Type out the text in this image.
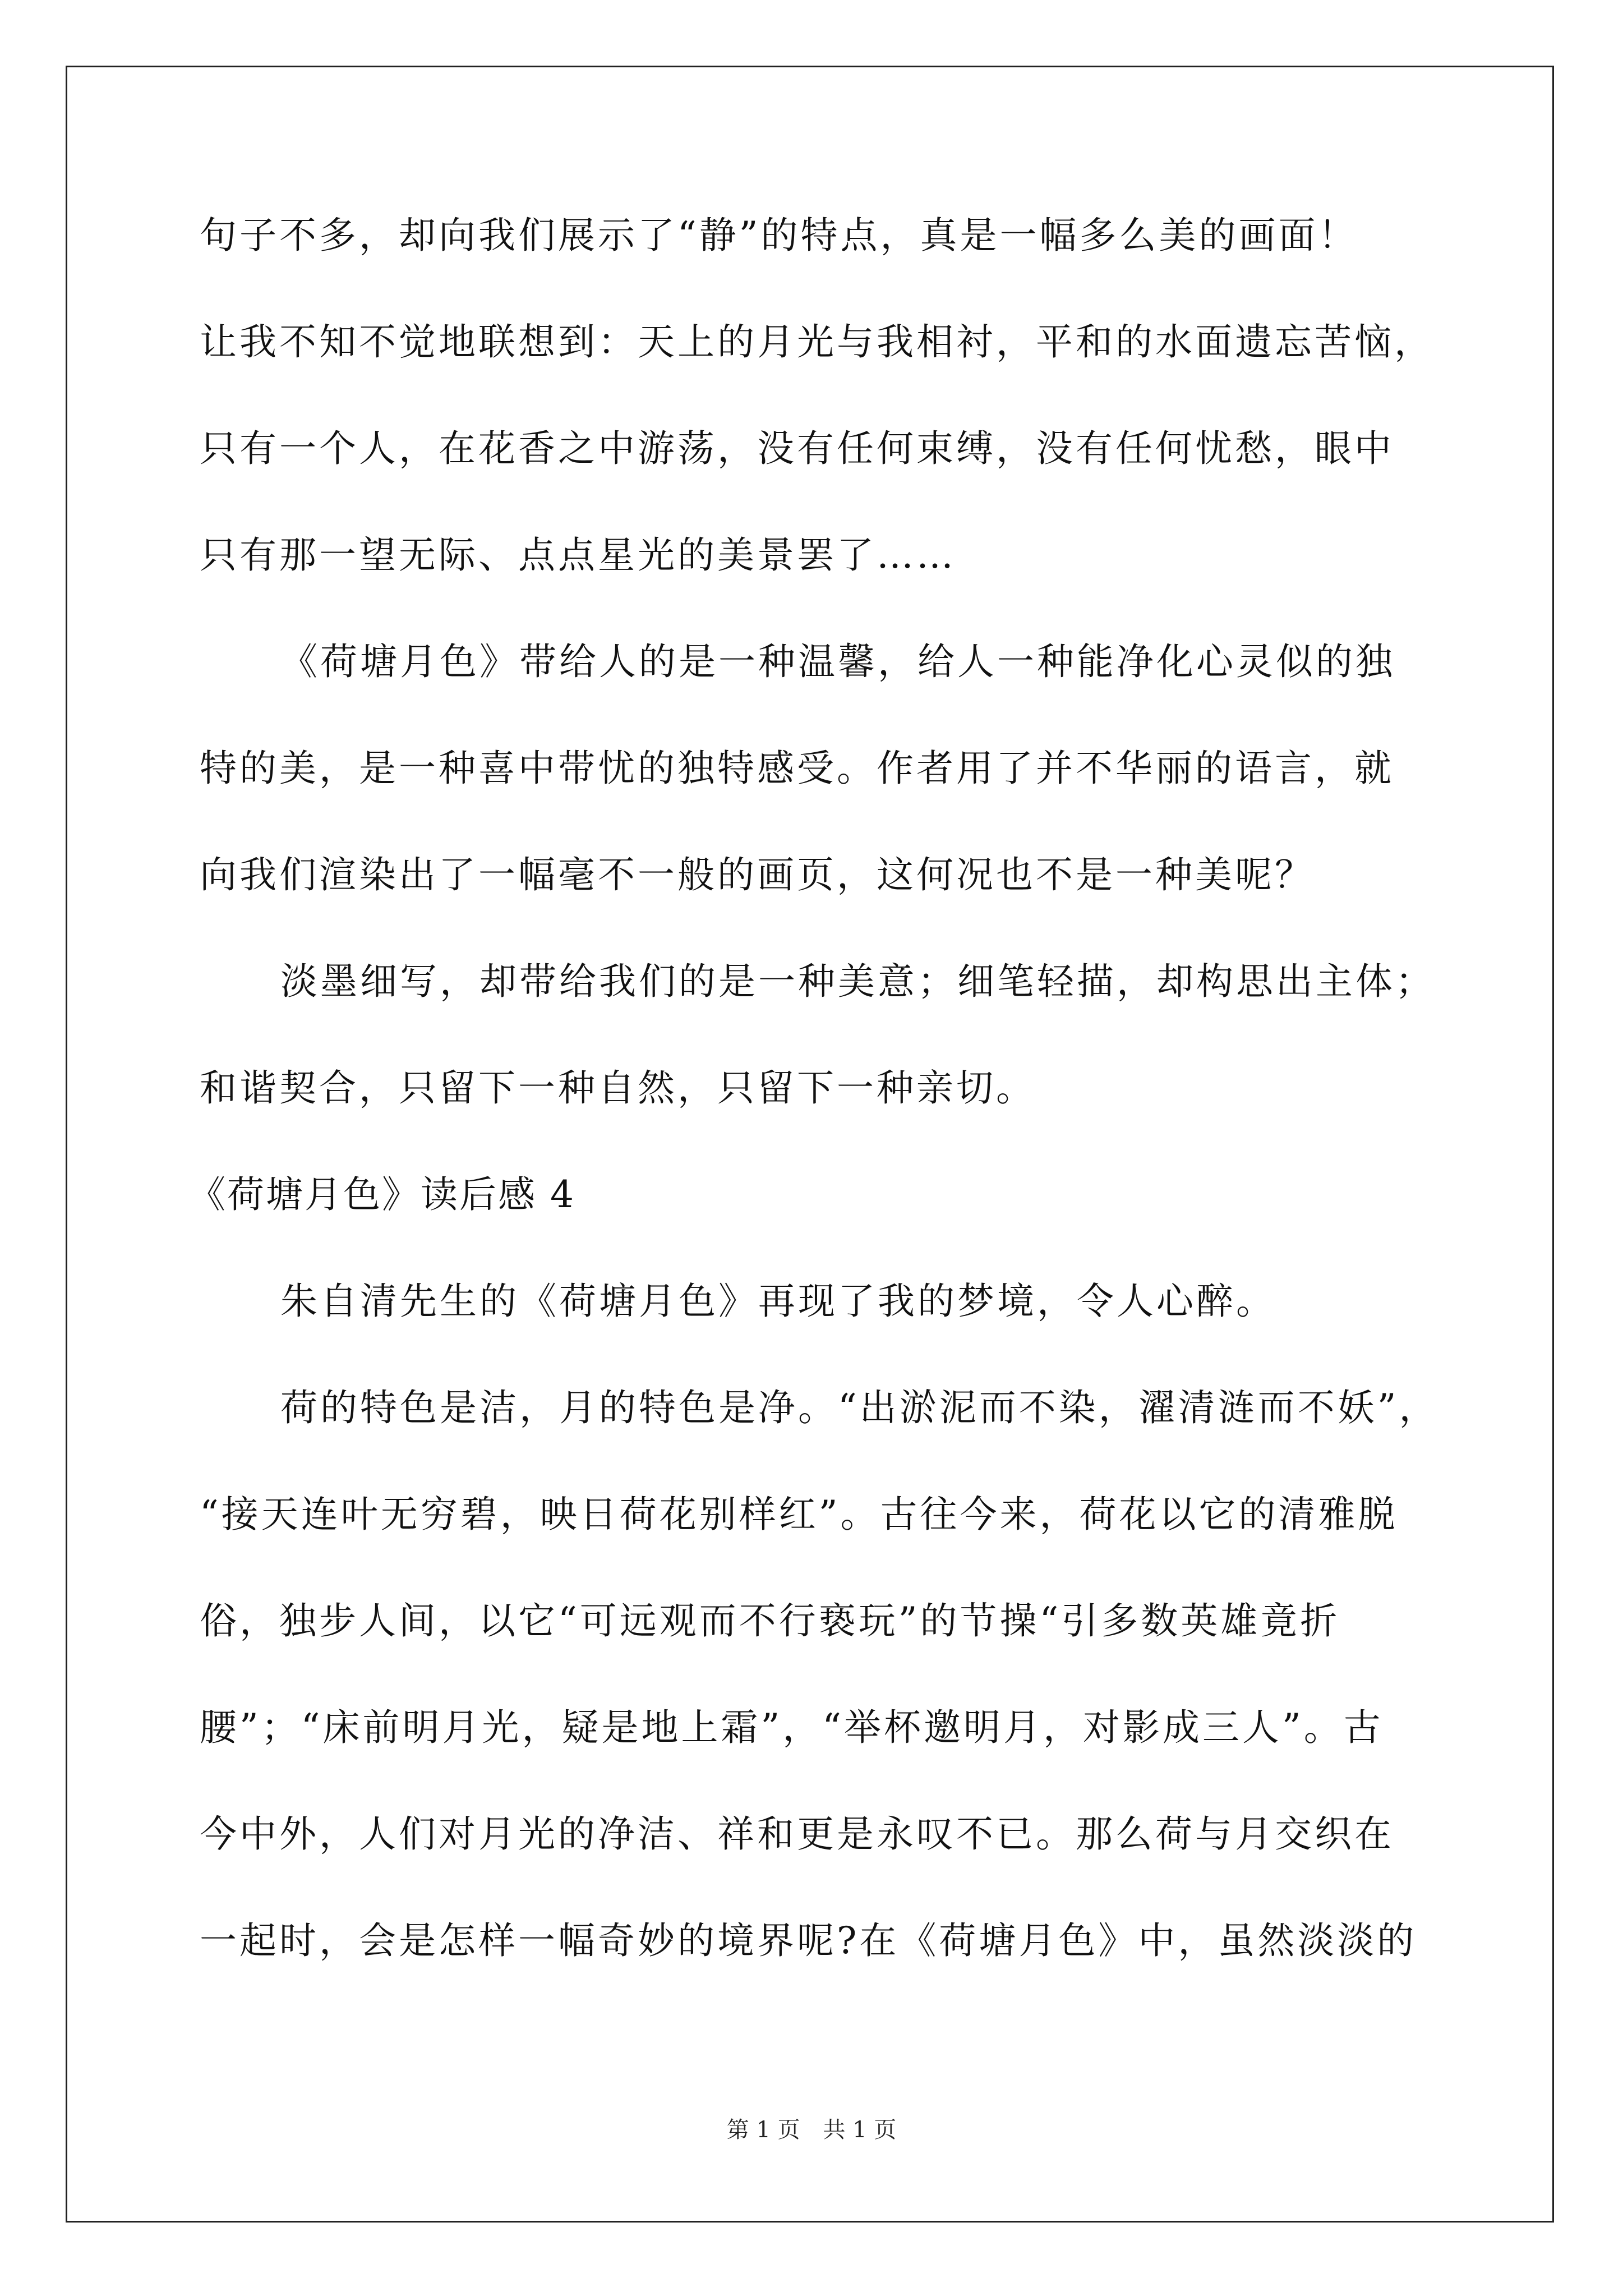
句子不多，却向我们展示了“静”的特点，真是一幅多么美的画面！
让我不知不觉地联想到：天上的月光与我相衬，平和的水面遗忘苦恼，
只有一个人，在花香之中游荡，没有任何束缚，没有任何忧愁，眼中
只有那一望无际、点点星光的美景罢了……
《荷塘月色》带给人的是一种温馨，给人一种能净化心灵似的独
特的美，是一种喜中带忧的独特感受。作者用了并不华丽的语言，就
向我们渲染出了一幅毫不一般的画页，这何况也不是一种美呢？
淡墨细写，却带给我们的是一种美意；细笔轻描，却构思出主体；
和谐契合，只留下一种自然，只留下一种亲切。
《荷塘月色》读后感 4
朱自清先生的《荷塘月色》再现了我的梦境，令人心醉。
荷的特色是洁，月的特色是净。“出淤泥而不染，濯清涟而不妖”，
“接天连叶无穷碧，映日荷花别样红”。古往今来，荷花以它的清雅脱
俗，独步人间，以它“可远观而不行亵玩”的节操“引多数英雄竟折
腰”；“床前明月光，疑是地上霜”，“举杯邀明月，对影成三人”。古
今中外，人们对月光的净洁、祥和更是永叹不已。那么荷与月交织在
一起时，会是怎样一幅奇妙的境界呢?在《荷塘月色》中，虽然淡淡的
第 1 页 共 1 页
